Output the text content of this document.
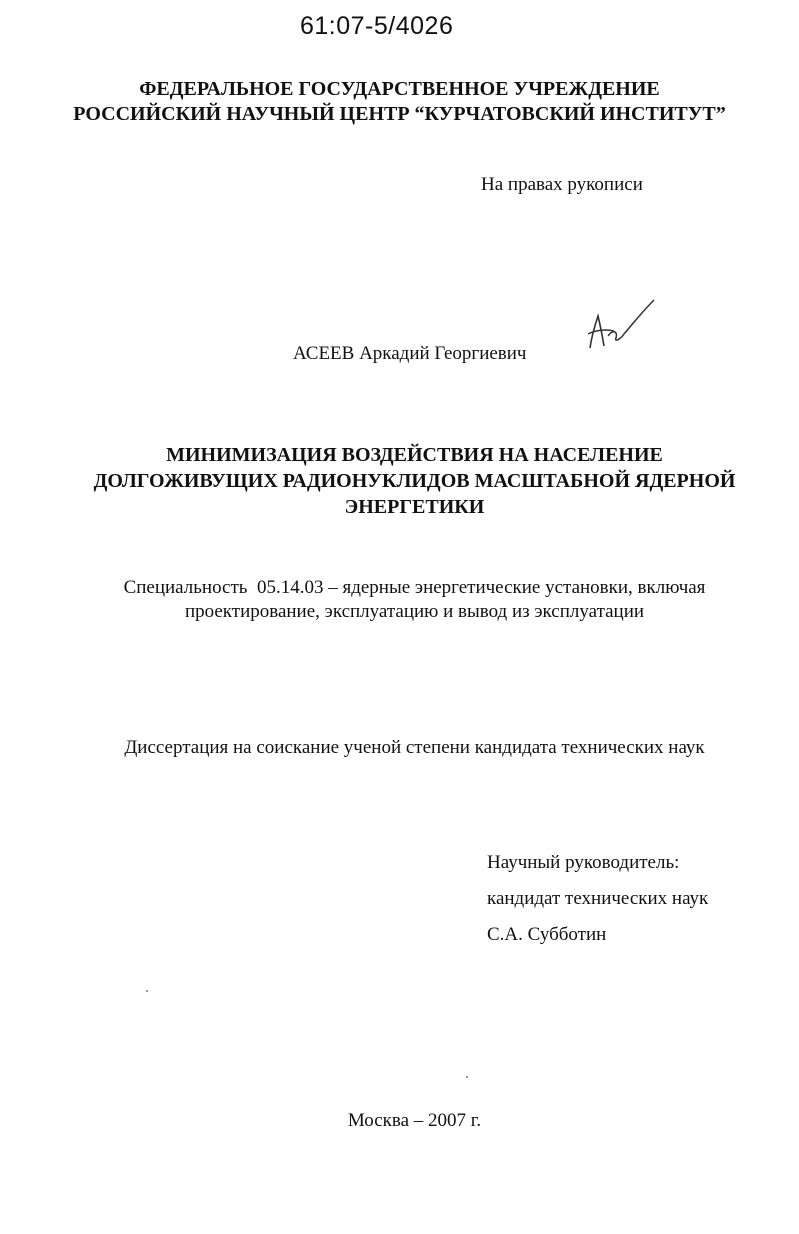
61:07-5/4026
ФЕДЕРАЛЬНОЕ ГОСУДАРСТВЕННОЕ УЧРЕЖДЕНИЕ
РОССИЙСКИЙ НАУЧНЫЙ ЦЕНТР “КУРЧАТОВСКИЙ ИНСТИТУТ”
На правах рукописи
АСЕЕВ Аркадий Георгиевич
МИНИМИЗАЦИЯ ВОЗДЕЙСТВИЯ НА НАСЕЛЕНИЕ
ДОЛГОЖИВУЩИХ РАДИОНУКЛИДОВ МАСШТАБНОЙ ЯДЕРНОЙ
ЭНЕРГЕТИКИ
Специальность  05.14.03 – ядерные энергетические установки, включая
проектирование, эксплуатацию и вывод из эксплуатации
Диссертация на соискание ученой степени кандидата технических наук
Научный руководитель:
кандидат технических наук
С.А. Субботин
Москва – 2007 г.
